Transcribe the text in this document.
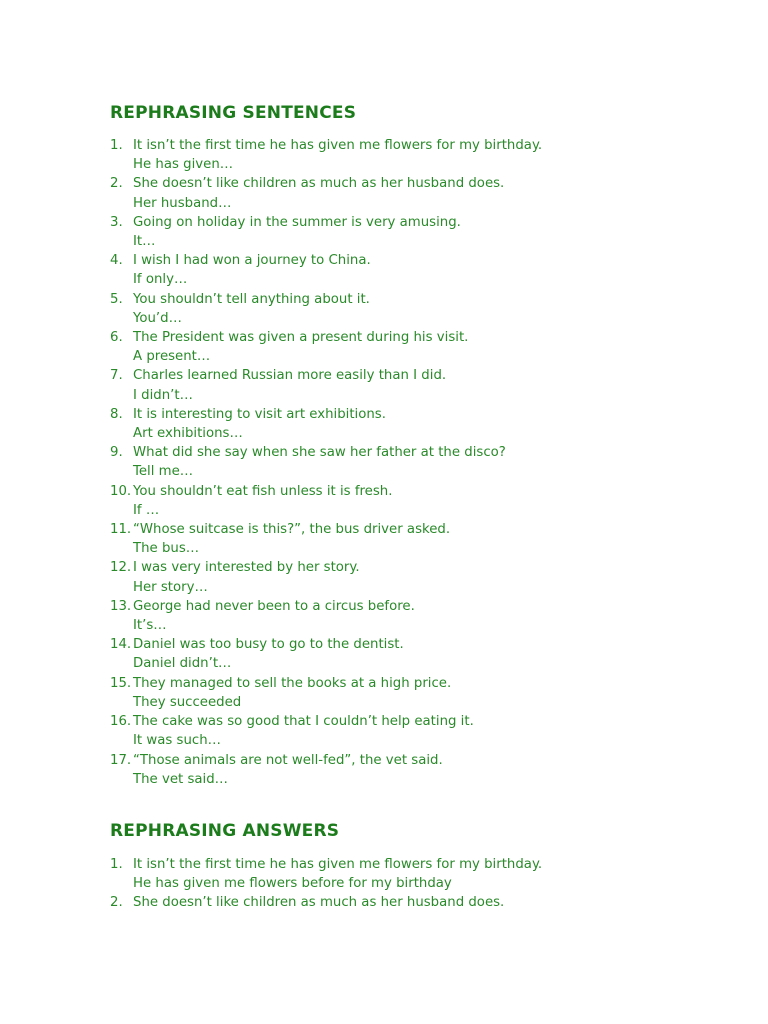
REPHRASING SENTENCES
1. It isn’t the first time he has given me flowers for my birthday.
He has given…
2. She doesn’t like children as much as her husband does.
Her husband…
3. Going on holiday in the summer is very amusing.
It…
4. I wish I had won a journey to China.
If only…
5. You shouldn’t tell anything about it.
You’d…
6. The President was given a present during his visit.
A present…
7. Charles learned Russian more easily than I did.
I didn’t…
8. It is interesting to visit art exhibitions.
Art exhibitions…
9. What did she say when she saw her father at the disco?
Tell me…
10. You shouldn’t eat fish unless it is fresh.
If …
11. “Whose suitcase is this?”, the bus driver asked.
The bus…
12. I was very interested by her story.
Her story…
13. George had never been to a circus before.
It’s…
14. Daniel was too busy to go to the dentist.
Daniel didn’t…
15. They managed to sell the books at a high price.
They succeeded
16. The cake was so good that I couldn’t help eating it.
It was such…
17. “Those animals are not well-fed”, the vet said.
The vet said…
REPHRASING ANSWERS
1. It isn’t the first time he has given me flowers for my birthday.
He has given me flowers before for my birthday
2. She doesn’t like children as much as her husband does.
